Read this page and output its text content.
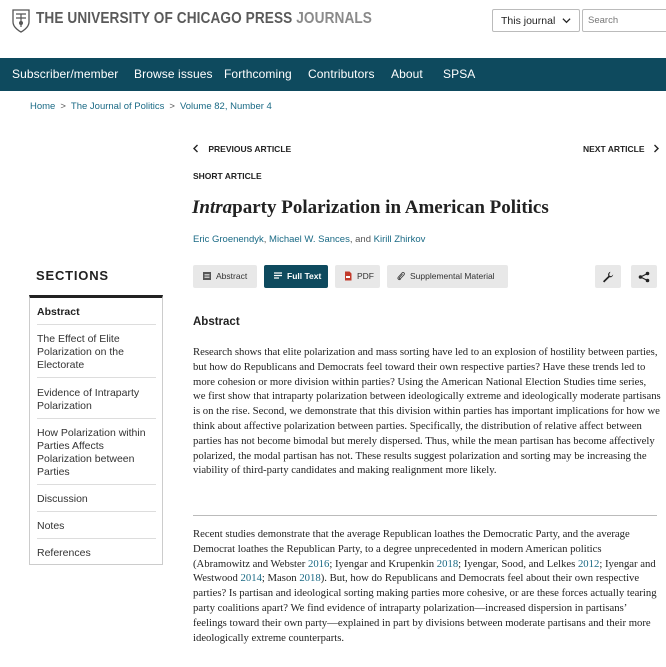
THE UNIVERSITY OF CHICAGO PRESS JOURNALS	This journal
Search
Subscriber/member Browse issues Forthcoming Contributors About SPSA
Home > The Journal of Politics > Volume 82, Number 4
PREVIOUS ARTICLE	NEXT ARTICLE
SHORT ARTICLE
Intraparty Polarization in American Politics
Eric Groenendyk, Michael W. Sances, and Kirill Zhirkov
SECTIONS
Abstract
The Effect of Elite Polarization on the Electorate
Evidence of Intraparty Polarization
How Polarization within Parties Affects Polarization between Parties
Discussion
Notes
References
Abstract	Full Text	PDF	Supplemental Material
Abstract

Research shows that elite polarization and mass sorting have led to an explosion of hostility between parties, but how do Republicans and Democrats feel toward their own respective parties? Have these trends led to more cohesion or more division within parties? Using the American National Election Studies time series, we first show that intraparty polarization between ideologically extreme and ideologically moderate partisans is on the rise. Second, we demonstrate that this division within parties has important implications for how we think about affective polarization between parties. Specifically, the distribution of relative affect between parties has not become bimodal but merely dispersed. Thus, while the mean partisan has become affectively polarized, the modal partisan has not. These results suggest polarization and sorting may be increasing the viability of third-party candidates and making realignment more likely.

Recent studies demonstrate that the average Republican loathes the Democratic Party, and the average Democrat loathes the Republican Party, to a degree unprecedented in modern American politics (Abramowitz and Webster 2016; Iyengar and Krupenkin 2018; Iyengar, Sood, and Lelkes 2012; Iyengar and Westwood 2014; Mason 2018). But, how do Republicans and Democrats feel about their own respective parties? Is partisan and ideological sorting making parties more cohesive, or are these forces actually tearing party coalitions apart? We find evidence of intraparty polarization—increased dispersion in partisans’ feelings toward their own party—explained in part by divisions between moderate partisans and their more ideologically extreme counterparts.
